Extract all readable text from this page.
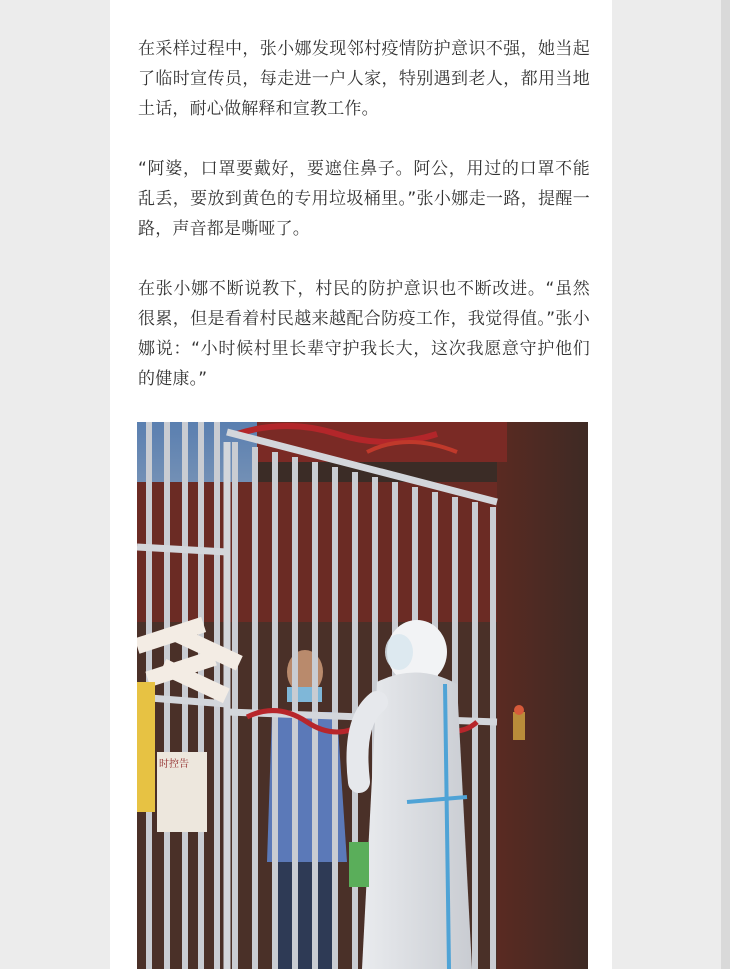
在采样过程中，张小娜发现邻村疫情防护意识不强，她当起了临时宣传员，每走进一户人家，特别遇到老人，都用当地土话，耐心做解释和宣教工作。

“阿婆，口罩要戴好，要遮住鼻子。阿公，用过的口罩不能乱丢，要放到黄色的专用垃圾桶里。”张小娜走一路，提醒一路，声音都是嘶哑了。

在张小娜不断说教下，村民的防护意识也不断改进。“虽然很累，但是看着村民越来越配合防疫工作，我觉得值。”张小娜说：“小时候村里长辈守护我长大，这次我愿意守护他们的健康。”

时控告
